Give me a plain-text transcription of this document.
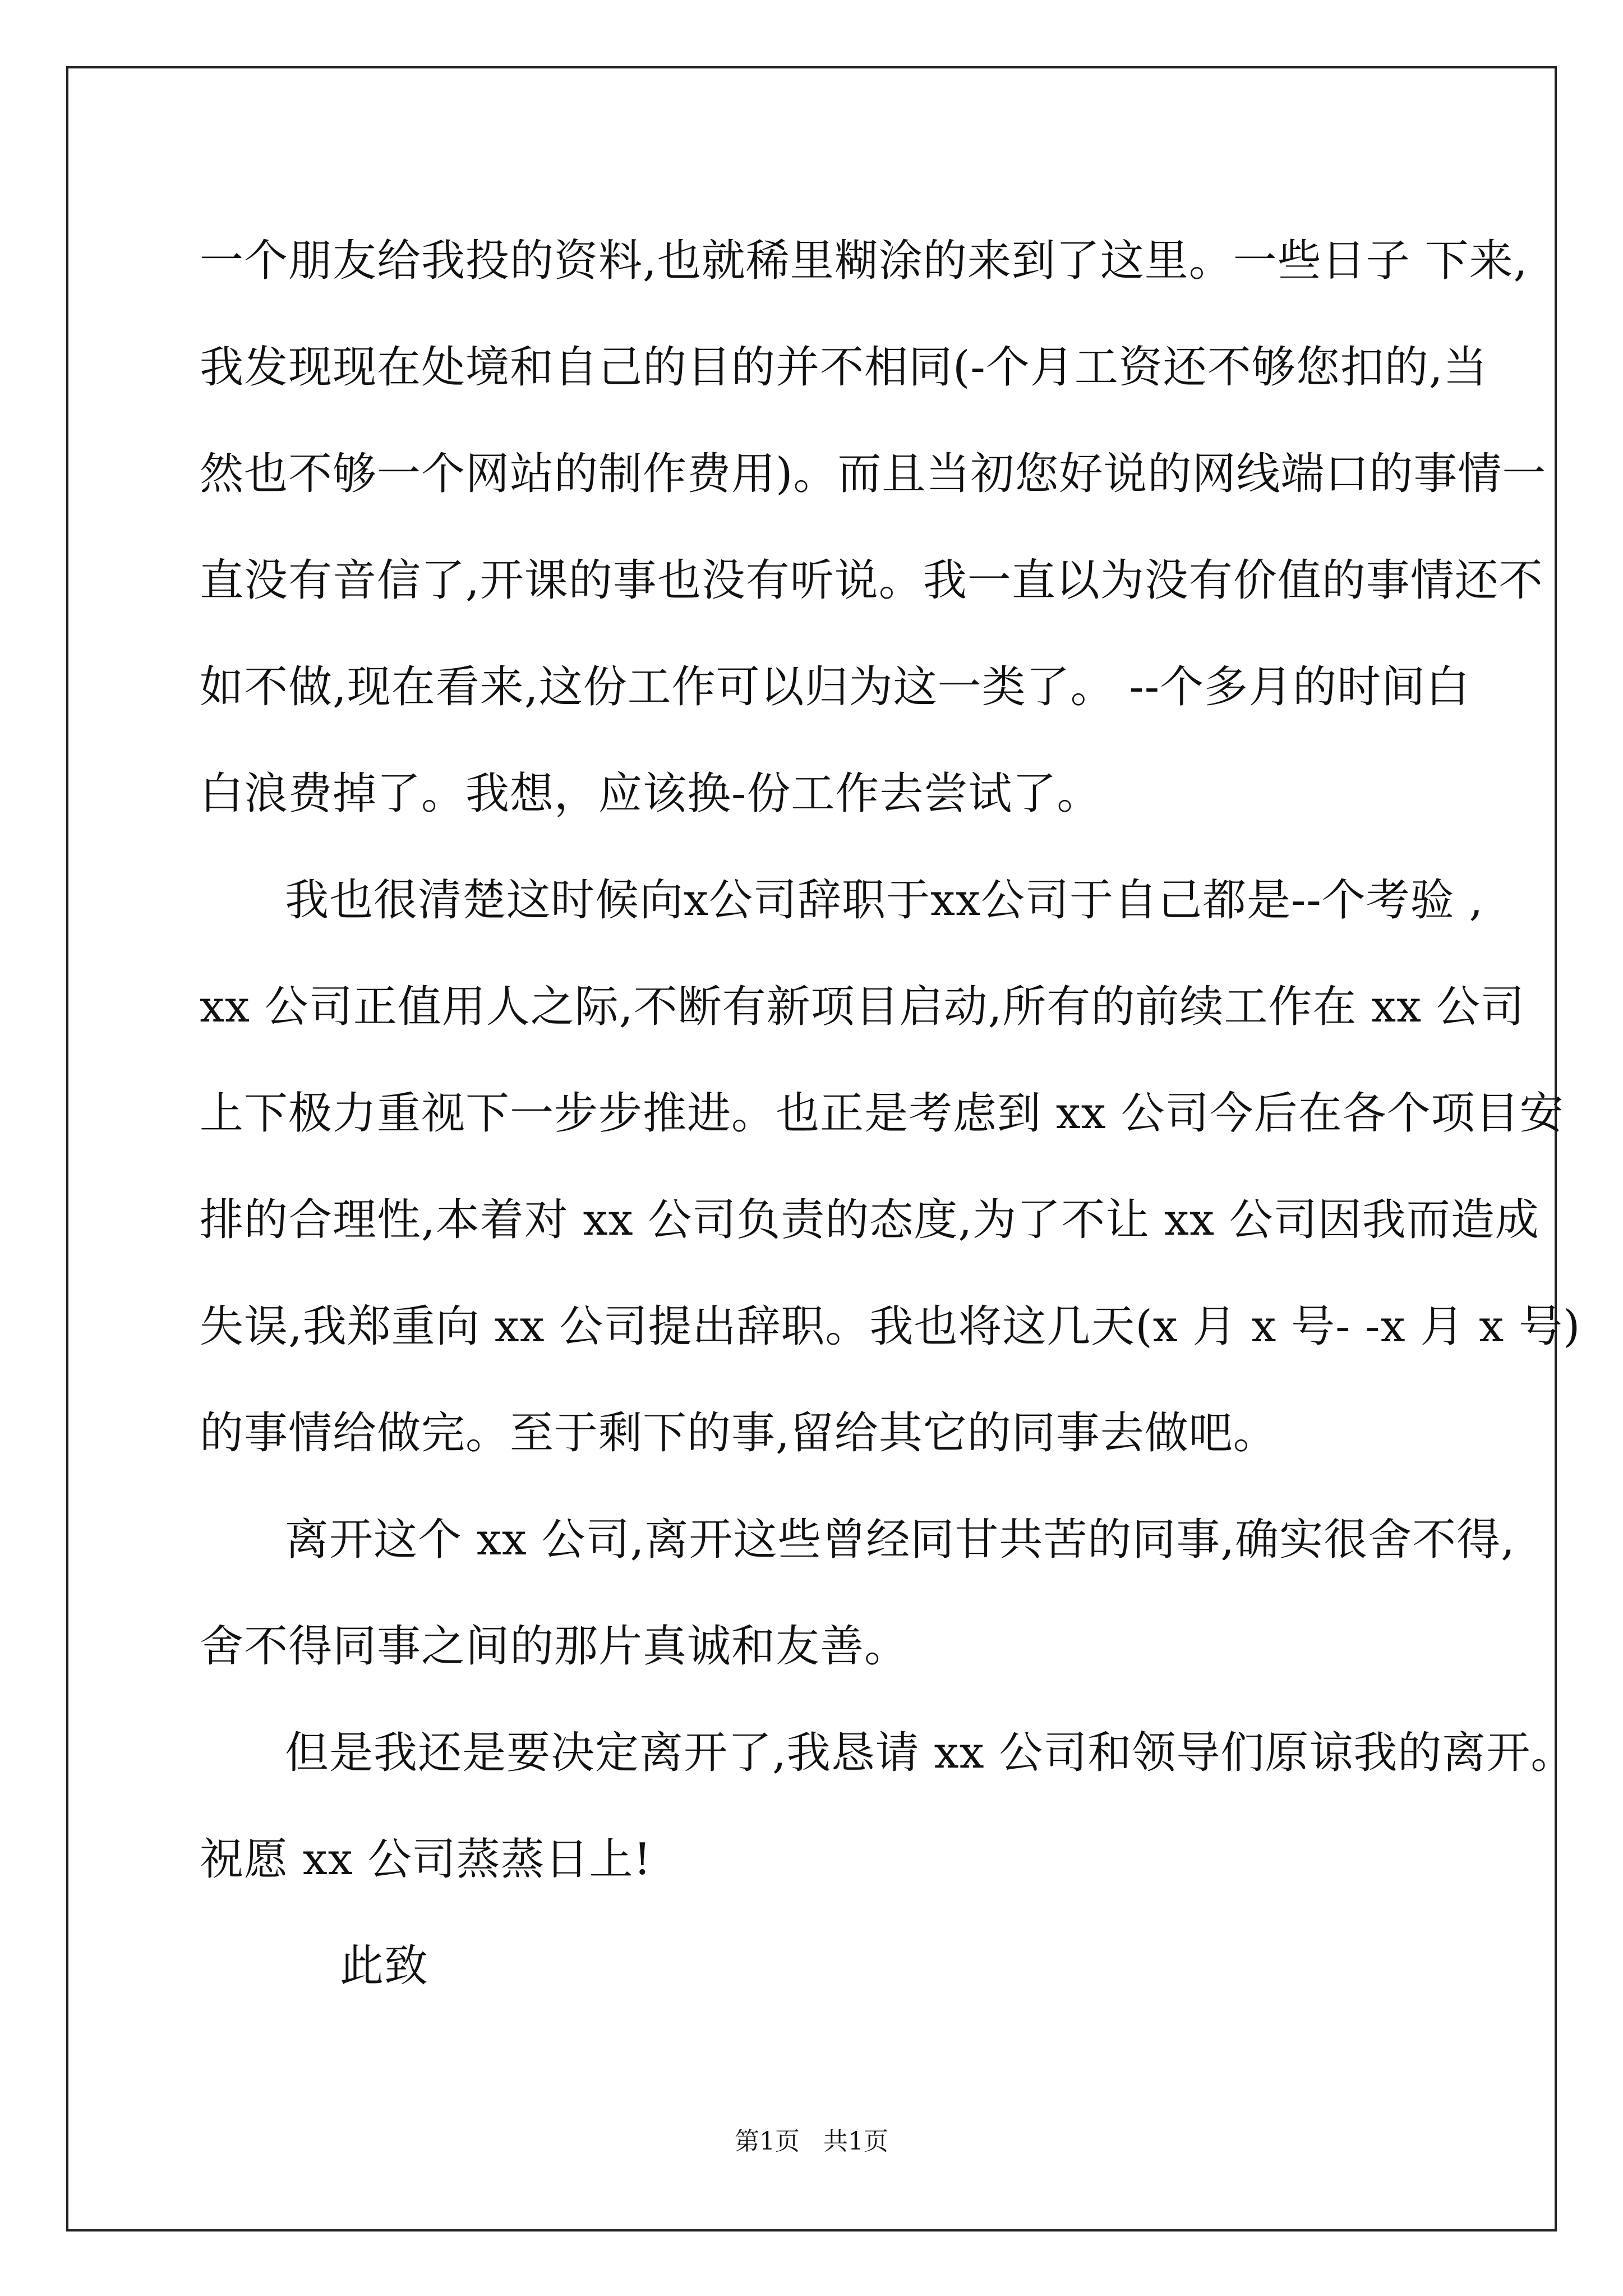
一个朋友给我投的资料,也就稀里糊涂的来到了这里。一些日子 下来,
我发现现在处境和自己的目的并不相同(-个月工资还不够您扣的,当
然也不够一个网站的制作费用)。而且当初您好说的网线端口的事情一
直没有音信了,开课的事也没有听说。我一直以为没有价值的事情还不
如不做,现在看来,这份工作可以归为这一类了。 --个多月的时间白
白浪费掉了。我想，应该换-份工作去尝试了。
我也很清楚这时候向x公司辞职于xx公司于自己都是--个考验 ,
xx 公司正值用人之际,不断有新项目启动,所有的前续工作在 xx 公司
上下极力重视下一步步推进。也正是考虑到 xx 公司今后在各个项目安
排的合理性,本着对 xx 公司负责的态度,为了不让 xx 公司因我而造成
失误,我郑重向 xx 公司提出辞职。我也将这几天(x 月 x 号- -x 月 x 号)
的事情给做完。至于剩下的事,留给其它的同事去做吧。
离开这个 xx 公司,离开这些曾经同甘共苦的同事,确实很舍不得,
舍不得同事之间的那片真诚和友善。
但是我还是要决定离开了,我恳请 xx 公司和领导们原谅我的离开。
祝愿 xx 公司蒸蒸日上!
此致
第1页 共1页
